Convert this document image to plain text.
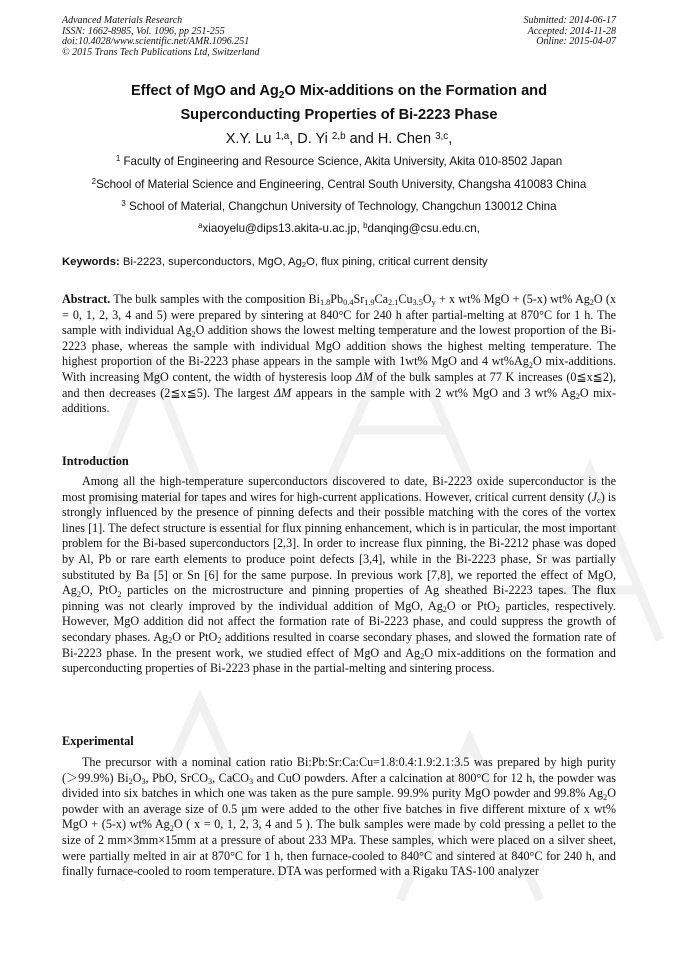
Advanced Materials Research
ISSN: 1662-8985, Vol. 1096, pp 251-255
doi:10.4028/www.scientific.net/AMR.1096.251
© 2015 Trans Tech Publications Ltd, Switzerland
Submitted: 2014-06-17
Accepted: 2014-11-28
Online: 2015-04-07
Effect of MgO and $Ag_2O$ Mix-additions on the Formation and
Superconducting Properties of Bi-2223 Phase
X.Y. Lu $^{1,a}$, D. Yi $^{2,b}$ and H. Chen $^{3,c}$,
$^1$ Faculty of Engineering and Resource Science, Akita University, Akita 010-8502 Japan
$^2$School of Material Science and Engineering, Central South University, Changsha 410083 China
$^3$ School of Material, Changchun University of Technology, Changchun 130012 China
$^a$xiaoyelu@dips13.akita-u.ac.jp, $^b$danqing@csu.edu.cn,
Keywords: Bi-2223, superconductors, MgO, $Ag_2O$, flux pining, critical current density
Abstract. The bulk samples with the composition $Bi_{1.8}Pb_{0.4}Sr_{1.9}Ca_{2.1}Cu_{3.5}O_y + x$ wt% MgO + (5-x) wt% $Ag_2O$ (x = 0, 1, 2, 3, 4 and 5) were prepared by sintering at 840°C for 240 h after partial-melting at 870°C for 1 h. The sample with individual $Ag_2O$ addition shows the lowest melting temperature and the lowest proportion of the Bi-2223 phase, whereas the sample with individual MgO addition shows the highest melting temperature. The highest proportion of the Bi-2223 phase appears in the sample with 1wt% MgO and 4 $wt\%Ag_2O$ mix-additions. With increasing MgO content, the width of hysteresis loop ΔM of the bulk samples at 77 K increases (0≦x≦2), and then decreases (2≦x≦5). The largest ΔM appears in the sample with 2 wt% MgO and 3 wt% $Ag_2O$ mix-additions.
Introduction
Among all the high-temperature superconductors discovered to date, Bi-2223 oxide superconductor is the most promising material for tapes and wires for high-current applications. However, critical current density $(J_c)$ is strongly influenced by the presence of pinning defects and their possible matching with the cores of the vortex lines [1]. The defect structure is essential for flux pinning enhancement, which is in particular, the most important problem for the Bi-based superconductors [2,3]. In order to increase flux pinning, the Bi-2212 phase was doped by Al, Pb or rare earth elements to produce point defects [3,4], while in the Bi-2223 phase, Sr was partially substituted by Ba [5] or Sn [6] for the same purpose. In previous work [7,8], we reported the effect of MgO, $Ag_2O$, PtO$_2$ particles on the microstructure and pinning properties of Ag sheathed Bi-2223 tapes. The flux pinning was not clearly improved by the individual addition of MgO, $Ag_2O$ or PtO$_2$ particles, respectively. However, MgO addition did not affect the formation rate of Bi-2223 phase, and could suppress the growth of secondary phases. $Ag_2O$ or PtO$_2$ additions resulted in coarse secondary phases, and slowed the formation rate of Bi-2223 phase. In the present work, we studied effect of MgO and $Ag_2O$ mix-additions on the formation and superconducting properties of Bi-2223 phase in the partial-melting and sintering process.
Experimental
The precursor with a nominal cation ratio Bi:Pb:Sr:Ca:Cu=1.8:0.4:1.9:2.1:3.5 was prepared by high purity (＞99.9%) $Bi_2O_3$, PbO, SrCO$_3$, CaCO$_3$ and CuO powders. After a calcination at 800°C for 12 h, the powder was divided into six batches in which one was taken as the pure sample. 99.9% purity MgO powder and 99.8% $Ag_2O$ powder with an average size of 0.5 μm were added to the other five batches in five different mixture of x wt% MgO + (5-x) wt% $Ag_2O$ ( x = 0, 1, 2, 3, 4 and 5 ). The bulk samples were made by cold pressing a pellet to the size of 2 mm×3mm×15mm at a pressure of about 233 MPa. These samples, which were placed on a silver sheet, were partially melted in air at 870°C for 1 h, then furnace-cooled to 840°C and sintered at 840°C for 240 h, and finally furnace-cooled to room temperature. DTA was performed with a Rigaku TAS-100 analyzer
